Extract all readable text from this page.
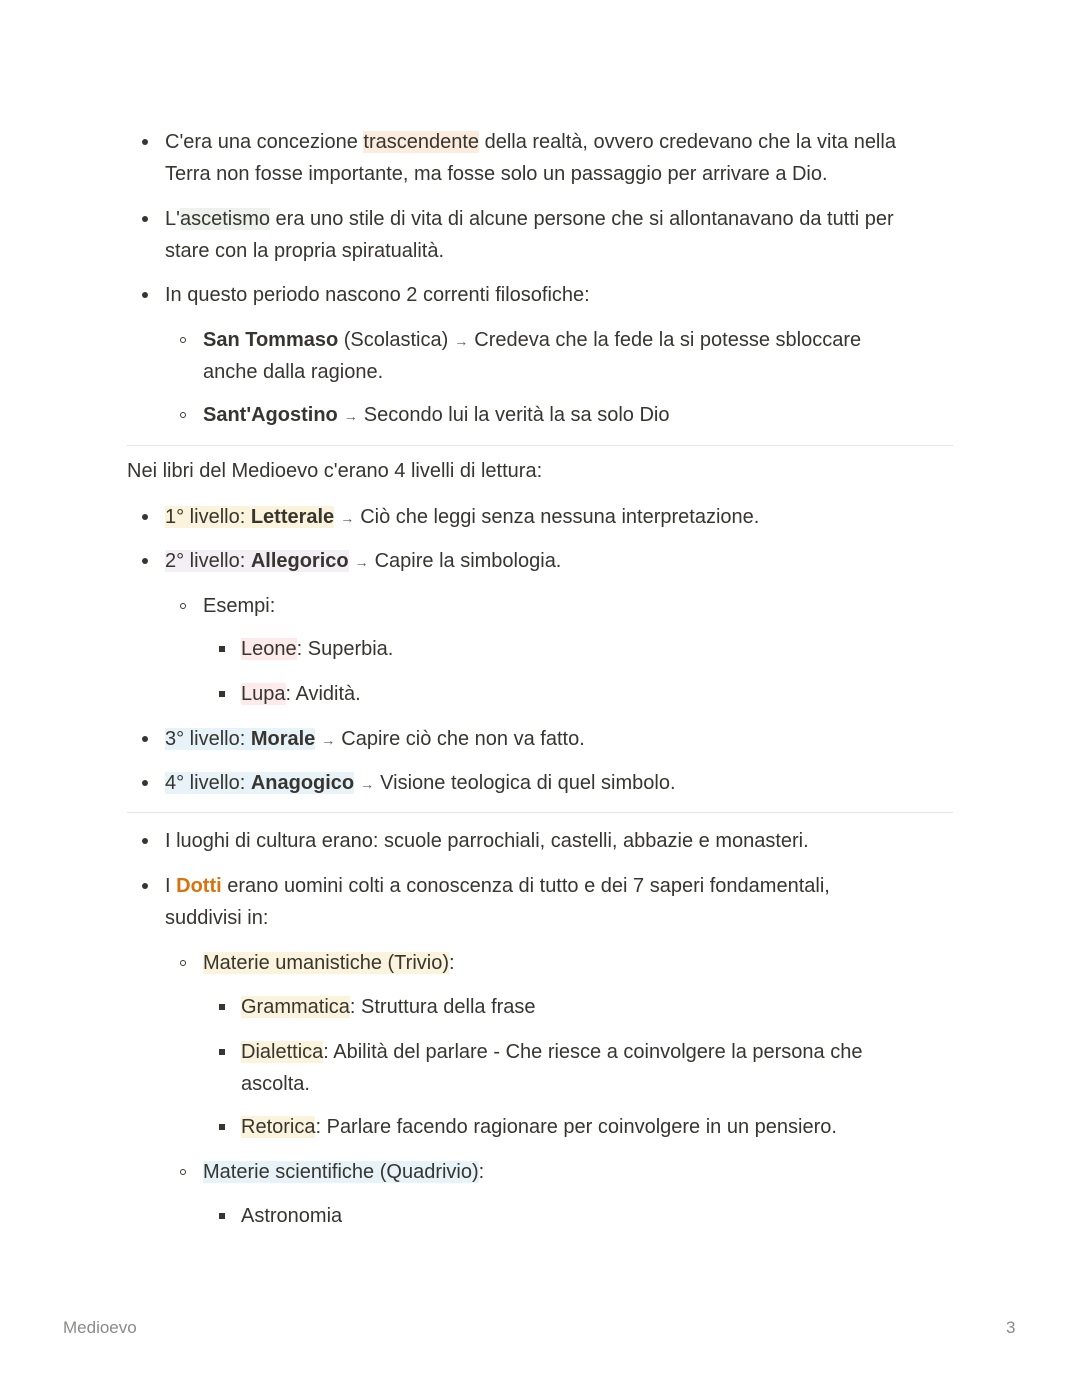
C'era una concezione trascendente della realtà, ovvero credevano che la vita nella
Terra non fosse importante, ma fosse solo un passaggio per arrivare a Dio.
L'ascetismo era uno stile di vita di alcune persone che si allontanavano da tutti per
stare con la propria spiratualità.
In questo periodo nascono 2 correnti filosofiche:
San Tommaso (Scolastica) → Credeva che la fede la si potesse sbloccare
anche dalla ragione.
Sant'Agostino → Secondo lui la verità la sa solo Dio
Nei libri del Medioevo c'erano 4 livelli di lettura:
1° livello: Letterale → Ciò che leggi senza nessuna interpretazione.
2° livello: Allegorico → Capire la simbologia.
Esempi:
Leone: Superbia.
Lupa: Avidità.
3° livello: Morale → Capire ciò che non va fatto.
4° livello: Anagogico → Visione teologica di quel simbolo.
I luoghi di cultura erano: scuole parrochiali, castelli, abbazie e monasteri.
I Dotti erano uomini colti a conoscenza di tutto e dei 7 saperi fondamentali,
suddivisi in:
Materie umanistiche (Trivio):
Grammatica: Struttura della frase
Dialettica: Abilità del parlare - Che riesce a coinvolgere la persona che
ascolta.
Retorica: Parlare facendo ragionare per coinvolgere in un pensiero.
Materie scientifiche (Quadrivio):
Astronomia
Medioevo	3
